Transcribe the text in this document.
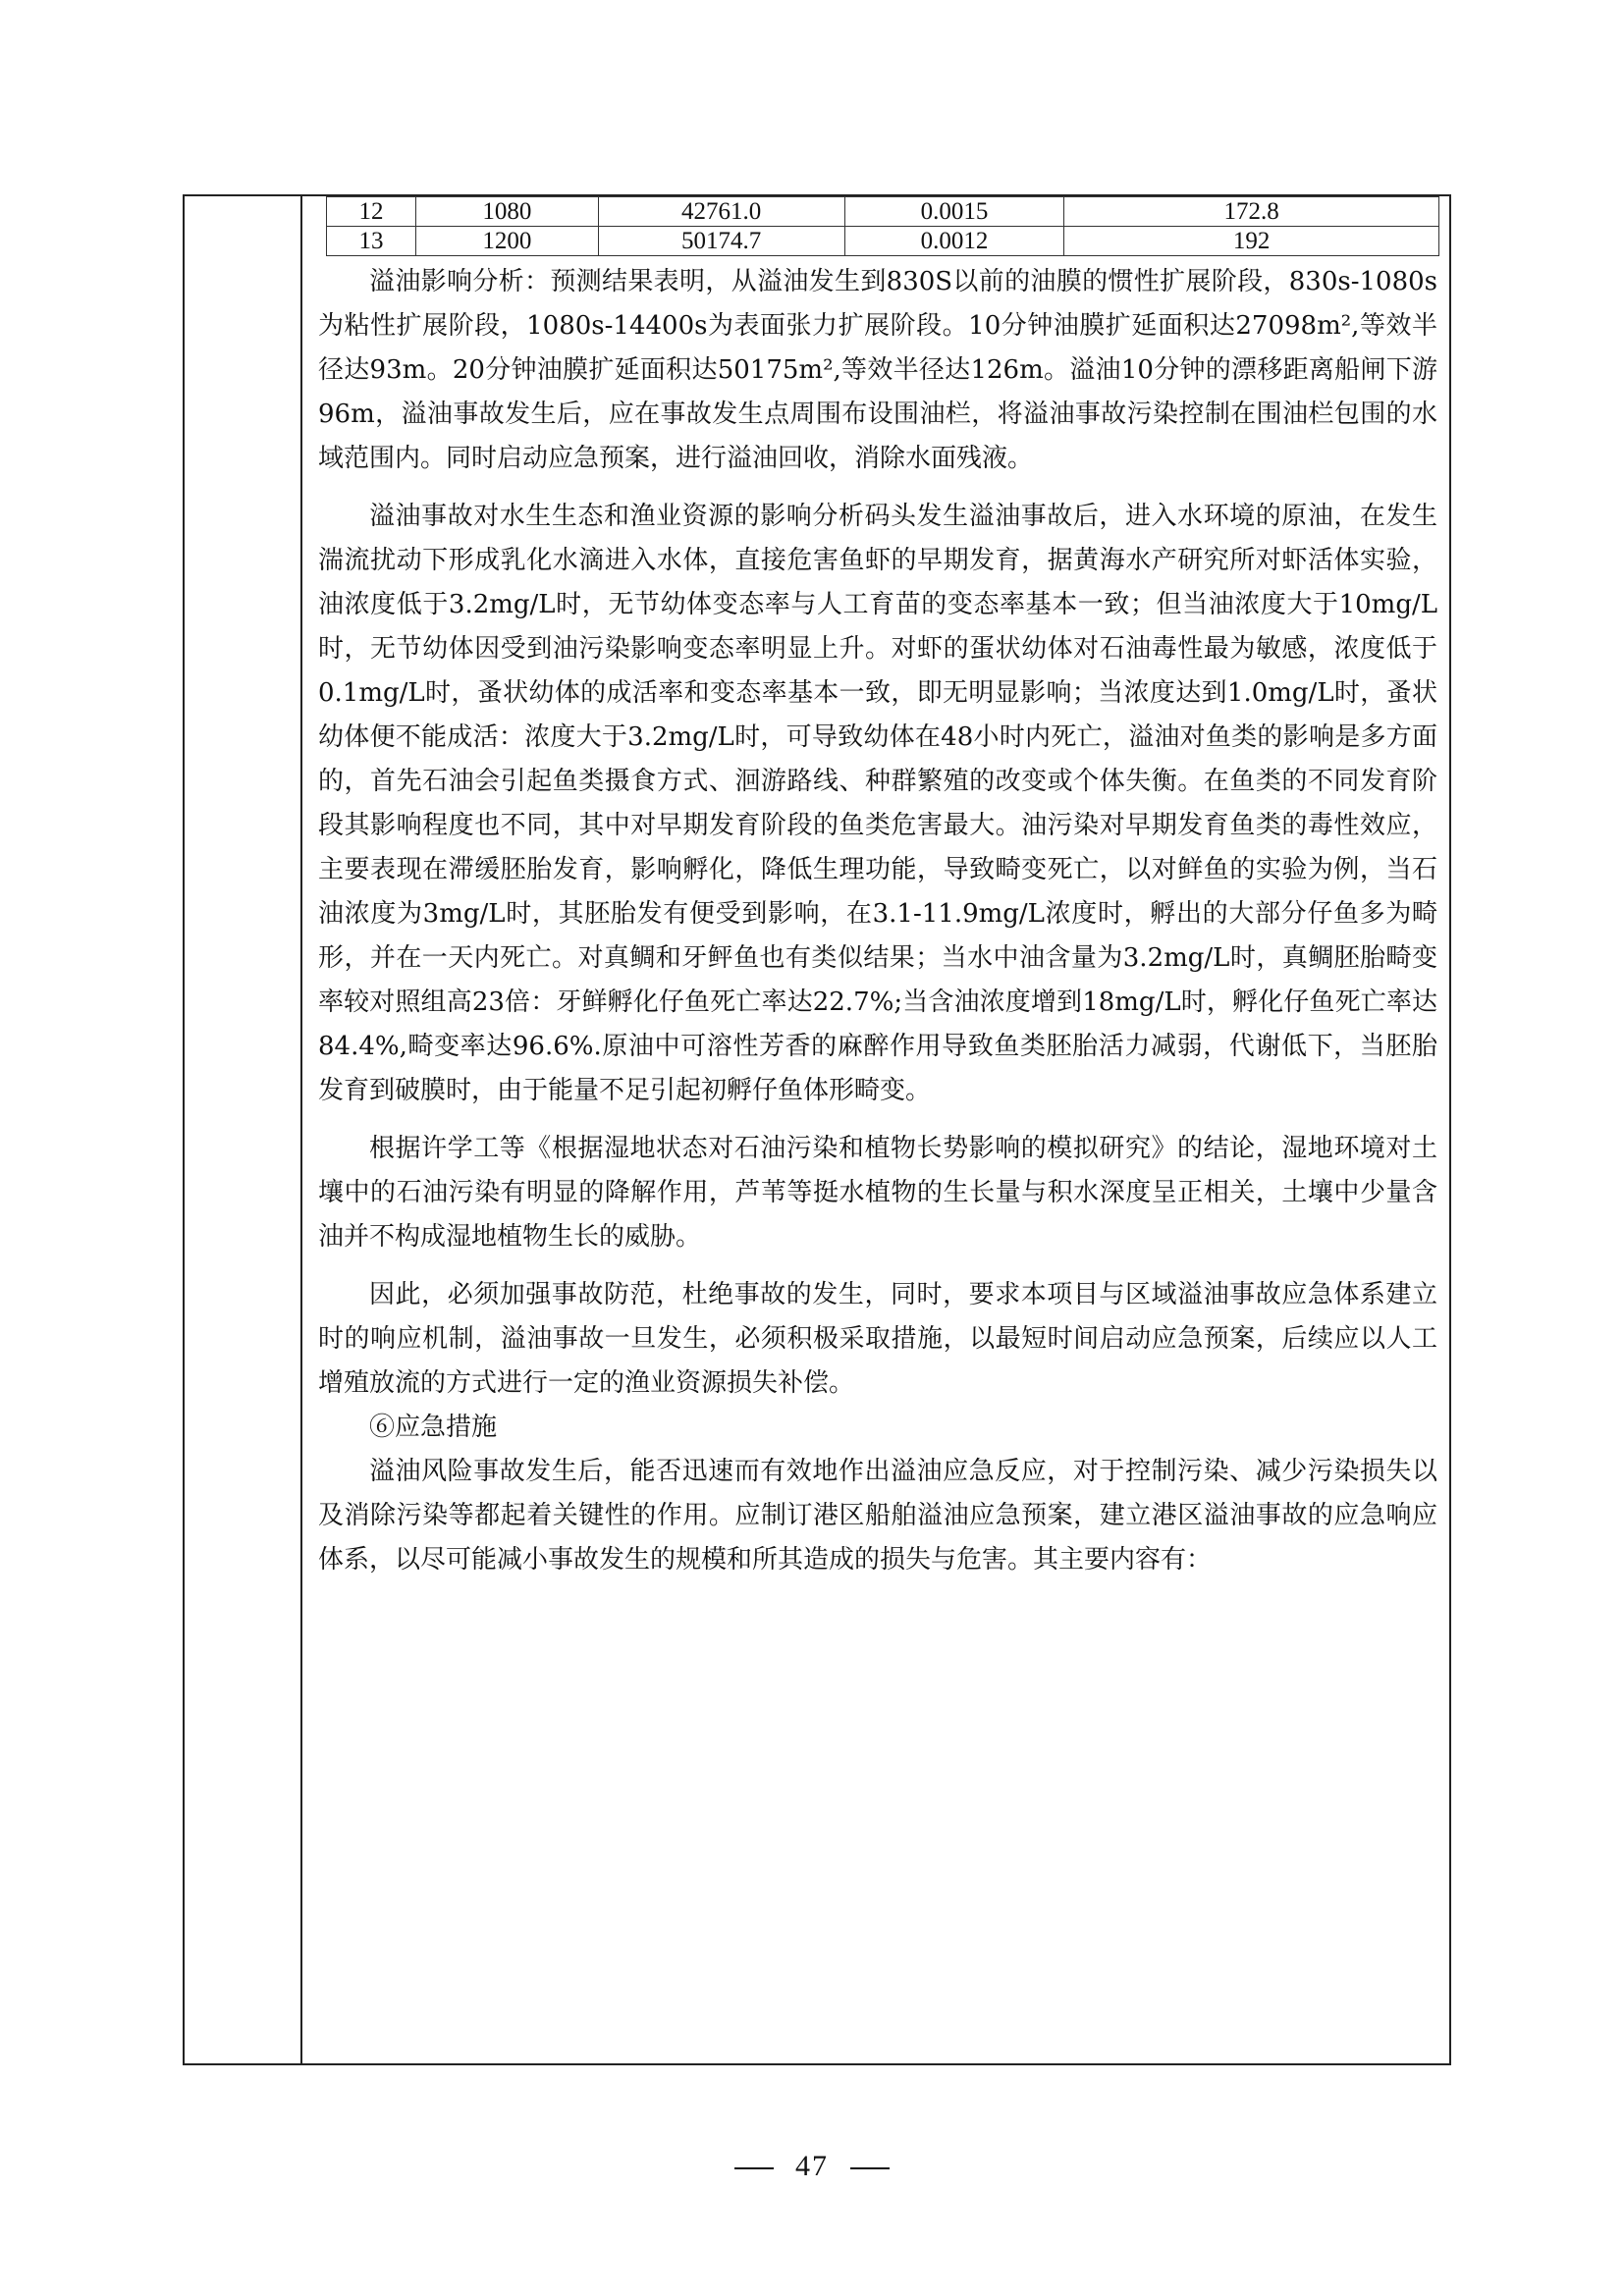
12	1080	42761.0	0.0015	172.8
13	1200	50174.7	0.0012	192

溢油影响分析：预测结果表明，从溢油发生到830S以前的油膜的惯性扩展阶段，830s-1080s为粘性扩展阶段，1080s-14400s为表面张力扩展阶段。10分钟油膜扩延面积达27098m²,等效半径达93m。20分钟油膜扩延面积达50175m²,等效半径达126m。溢油10分钟的漂移距离船闸下游96m，溢油事故发生后，应在事故发生点周围布设围油栏，将溢油事故污染控制在围油栏包围的水域范围内。同时启动应急预案，进行溢油回收，消除水面残液。

溢油事故对水生生态和渔业资源的影响分析码头发生溢油事故后，进入水环境的原油，在发生湍流扰动下形成乳化水滴进入水体，直接危害鱼虾的早期发育，据黄海水产研究所对虾活体实验，油浓度低于3.2mg/L时，无节幼体变态率与人工育苗的变态率基本一致；但当油浓度大于10mg/L时，无节幼体因受到油污染影响变态率明显上升。对虾的蛋状幼体对石油毒性最为敏感，浓度低于0.1mg/L时，蚤状幼体的成活率和变态率基本一致，即无明显影响；当浓度达到1.0mg/L时，蚤状幼体便不能成活：浓度大于3.2mg/L时，可导致幼体在48小时内死亡，溢油对鱼类的影响是多方面的，首先石油会引起鱼类摄食方式、洄游路线、种群繁殖的改变或个体失衡。在鱼类的不同发育阶段其影响程度也不同，其中对早期发育阶段的鱼类危害最大。油污染对早期发育鱼类的毒性效应，主要表现在滞缓胚胎发育，影响孵化，降低生理功能，导致畸变死亡，以对鲜鱼的实验为例，当石油浓度为3mg/L时，其胚胎发有便受到影响，在3.1-11.9mg/L浓度时，孵出的大部分仔鱼多为畸形，并在一天内死亡。对真鲷和牙鲆鱼也有类似结果；当水中油含量为3.2mg/L时，真鲷胚胎畸变率较对照组高23倍：牙鲜孵化仔鱼死亡率达22.7%;当含油浓度增到18mg/L时，孵化仔鱼死亡率达84.4%,畸变率达96.6%.原油中可溶性芳香的麻醉作用导致鱼类胚胎活力减弱，代谢低下，当胚胎发育到破膜时，由于能量不足引起初孵仔鱼体形畸变。

根据许学工等《根据湿地状态对石油污染和植物长势影响的模拟研究》的结论，湿地环境对土壤中的石油污染有明显的降解作用，芦苇等挺水植物的生长量与积水深度呈正相关，土壤中少量含油并不构成湿地植物生长的威胁。

因此，必须加强事故防范，杜绝事故的发生，同时，要求本项目与区域溢油事故应急体系建立时的响应机制，溢油事故一旦发生，必须积极采取措施，以最短时间启动应急预案，后续应以人工增殖放流的方式进行一定的渔业资源损失补偿。

⑥应急措施

溢油风险事故发生后，能否迅速而有效地作出溢油应急反应，对于控制污染、减少污染损失以及消除污染等都起着关键性的作用。应制订港区船舶溢油应急预案，建立港区溢油事故的应急响应体系，以尽可能减小事故发生的规模和所其造成的损失与危害。其主要内容有：

47
